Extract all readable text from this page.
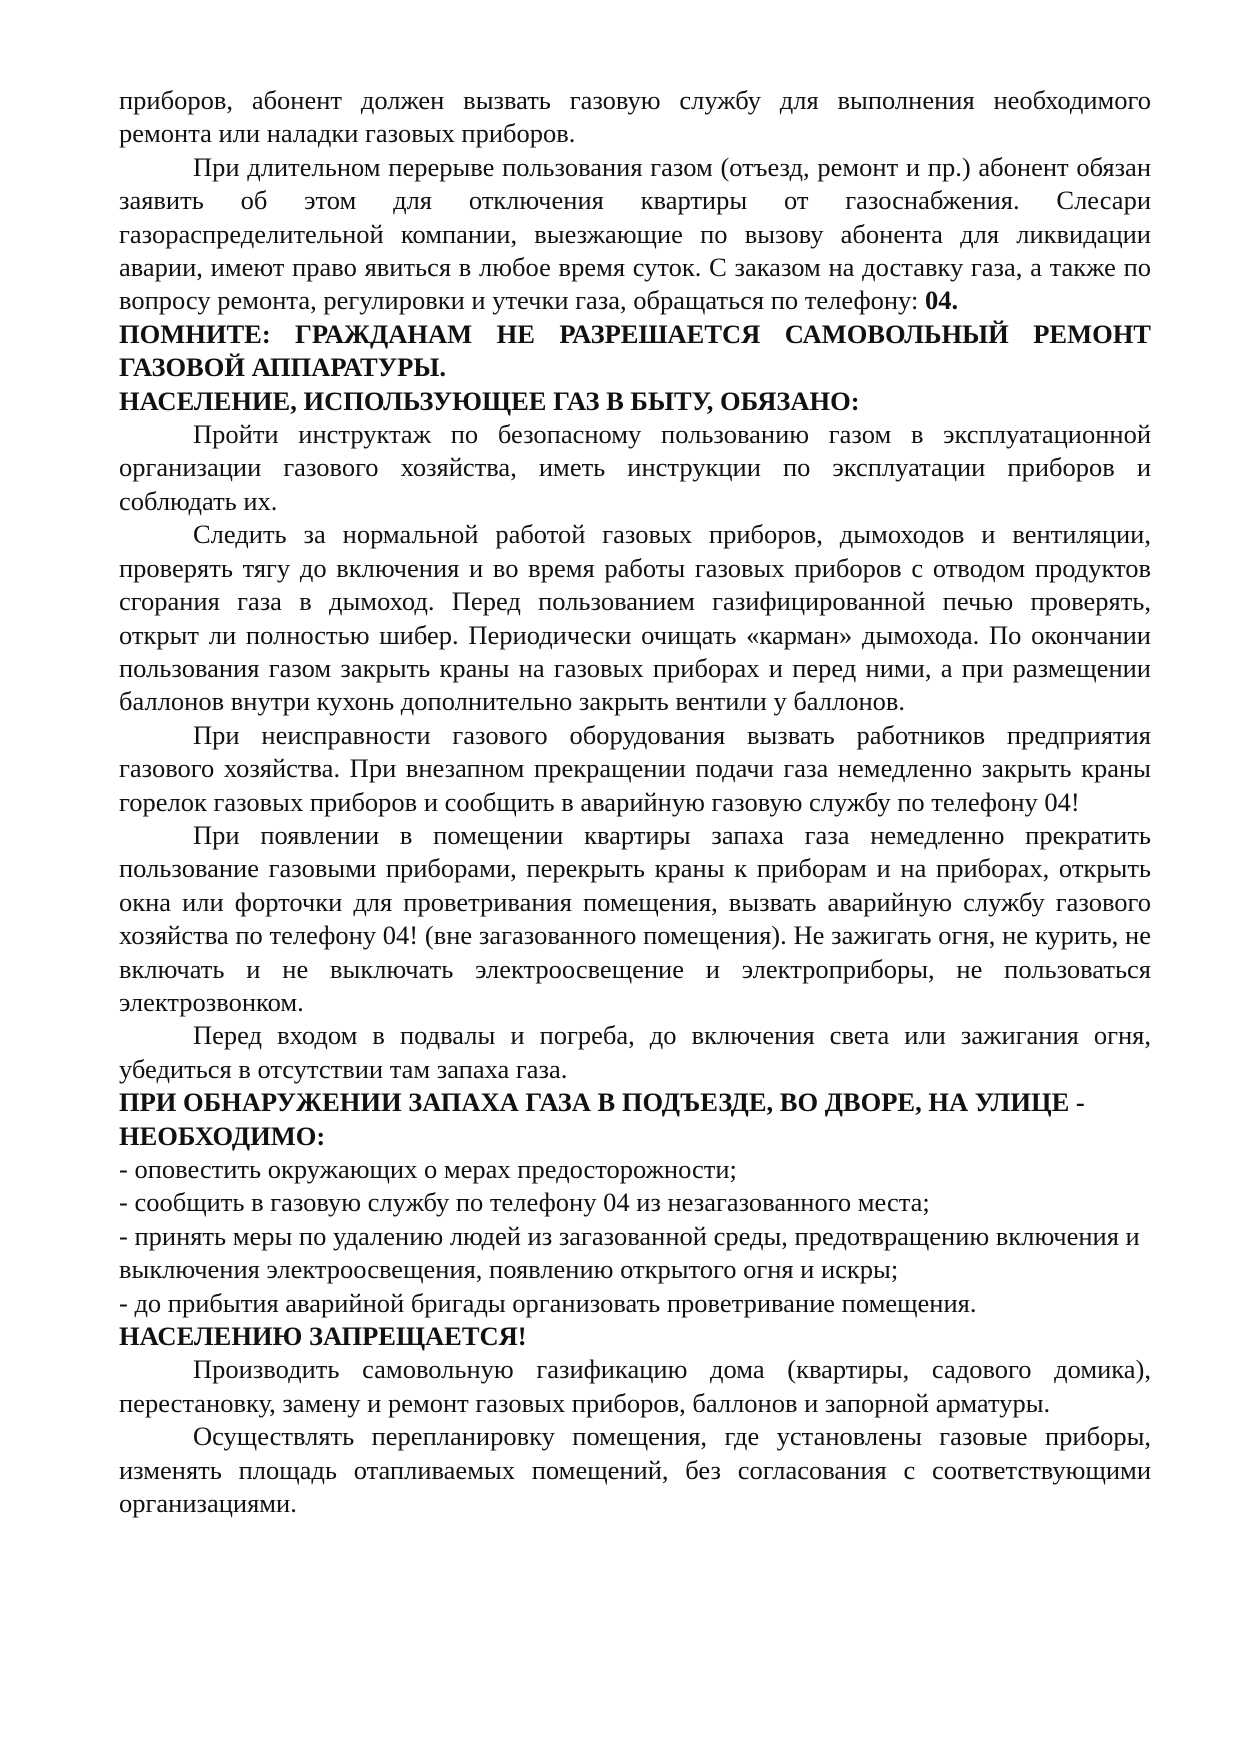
приборов, абонент должен вызвать газовую службу для выполнения необходимого ремонта или наладки газовых приборов.

При длительном перерыве пользования газом (отъезд, ремонт и пр.) абонент обязан заявить об этом для отключения квартиры от газоснабжения. Слесари газораспределительной компании, выезжающие по вызову абонента для ликвидации аварии, имеют право явиться в любое время суток. С заказом на доставку газа, а также по вопросу ремонта, регулировки и утечки газа, обращаться по телефону: 04.

ПОМНИТЕ: ГРАЖДАНАМ НЕ РАЗРЕШАЕТСЯ САМОВОЛЬНЫЙ РЕМОНТ ГАЗОВОЙ АППАРАТУРЫ.
НАСЕЛЕНИЕ, ИСПОЛЬЗУЮЩЕЕ ГАЗ В БЫТУ, ОБЯЗАНО:

Пройти инструктаж по безопасному пользованию газом в эксплуатационной организации газового хозяйства, иметь инструкции по эксплуатации приборов и соблюдать их.

Следить за нормальной работой газовых приборов, дымоходов и вентиляции, проверять тягу до включения и во время работы газовых приборов с отводом продуктов сгорания газа в дымоход. Перед пользованием газифицированной печью проверять, открыт ли полностью шибер. Периодически очищать «карман» дымохода. По окончании пользования газом закрыть краны на газовых приборах и перед ними, а при размещении баллонов внутри кухонь дополнительно закрыть вентили у баллонов.

При неисправности газового оборудования вызвать работников предприятия газового хозяйства. При внезапном прекращении подачи газа немедленно закрыть краны горелок газовых приборов и сообщить в аварийную газовую службу по телефону 04!

При появлении в помещении квартиры запаха газа немедленно прекратить пользование газовыми приборами, перекрыть краны к приборам и на приборах, открыть окна или форточки для проветривания помещения, вызвать аварийную службу газового хозяйства по телефону 04! (вне загазованного помещения). Не зажигать огня, не курить, не включать и не выключать электроосвещение и электроприборы, не пользоваться электрозвонком.

Перед входом в подвалы и погреба, до включения света или зажигания огня, убедиться в отсутствии там запаха газа.

ПРИ ОБНАРУЖЕНИИ ЗАПАХА ГАЗА В ПОДЪЕЗДЕ, ВО ДВОРЕ, НА УЛИЦЕ - НЕОБХОДИМО:

- оповестить окружающих о мерах предосторожности;

- сообщить в газовую службу по телефону 04 из незагазованного места;

- принять меры по удалению людей из загазованной среды, предотвращению включения и выключения электроосвещения, появлению открытого огня и искры;

- до прибытия аварийной бригады организовать проветривание помещения.

НАСЕЛЕНИЮ ЗАПРЕЩАЕТСЯ!

Производить самовольную газификацию дома (квартиры, садового домика), перестановку, замену и ремонт газовых приборов, баллонов и запорной арматуры.

Осуществлять перепланировку помещения, где установлены газовые приборы, изменять площадь отапливаемых помещений, без согласования с соответствующими организациями.
